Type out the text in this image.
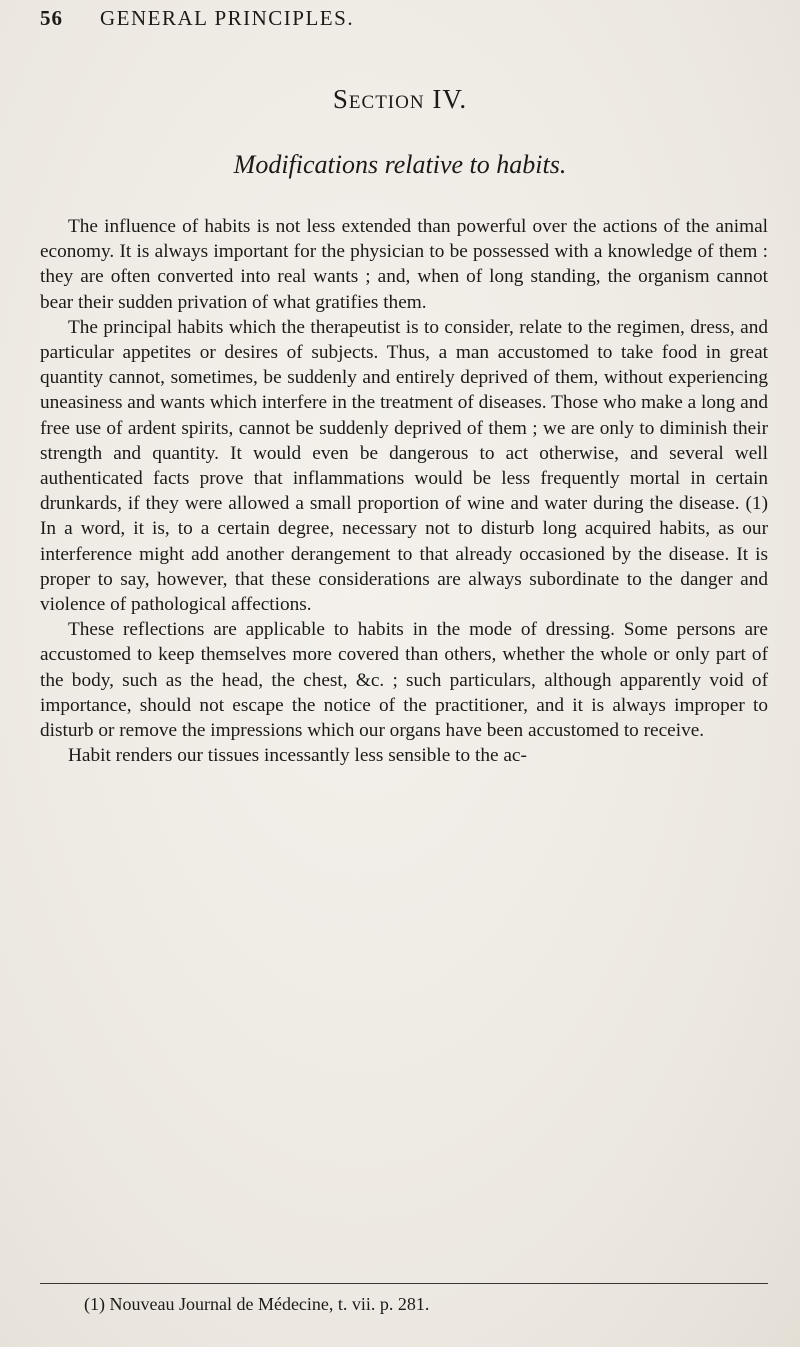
56 GENERAL PRINCIPLES.
Section IV.
Modifications relative to habits.

The influence of habits is not less extended than powerful over the actions of the animal economy. It is always important for the physician to be possessed with a knowledge of them : they are often converted into real wants ; and, when of long standing, the organism cannot bear their sudden privation of what gratifies them.

The principal habits which the therapeutist is to consider, relate to the regimen, dress, and particular appetites or desires of subjects. Thus, a man accustomed to take food in great quantity cannot, sometimes, be suddenly and entirely deprived of them, without experiencing uneasiness and wants which interfere in the treatment of diseases. Those who make a long and free use of ardent spirits, cannot be suddenly deprived of them ; we are only to diminish their strength and quantity. It would even be dangerous to act otherwise, and several well authenticated facts prove that inflammations would be less frequently mortal in certain drunkards, if they were allowed a small proportion of wine and water during the disease. (1) In a word, it is, to a certain degree, necessary not to disturb long acquired habits, as our interference might add another derangement to that already occasioned by the disease. It is proper to say, however, that these considerations are always subordinate to the danger and violence of pathological affections.

These reflections are applicable to habits in the mode of dressing. Some persons are accustomed to keep themselves more covered than others, whether the whole or only part of the body, such as the head, the chest, &c. ; such particulars, although apparently void of importance, should not escape the notice of the practitioner, and it is always improper to disturb or remove the impressions which our organs have been accustomed to receive.

Habit renders our tissues incessantly less sensible to the ac-

(1) Nouveau Journal de Médecine, t. vii. p. 281.
